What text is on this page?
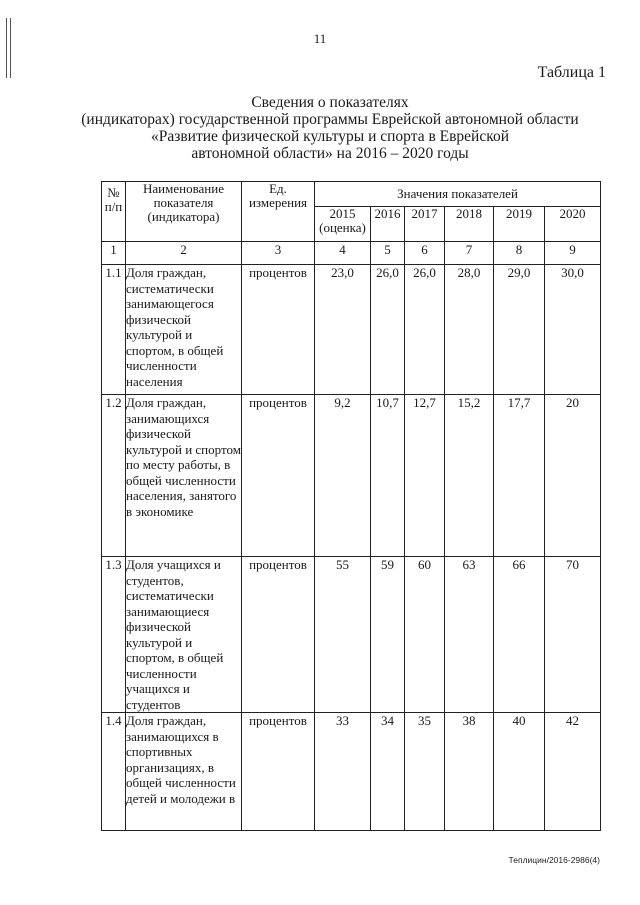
11
Таблица 1
Сведения о показателях
(индикаторах) государственной программы Еврейской автономной области
«Развитие физической культуры и спорта в Еврейской
автономной области» на 2016 – 2020 годы
№ п/п	Наименование показателя (индикатора)	Ед. измерения	Значения показателей					
			2015 (оценка)	2016	2017	2018	2019	2020
1	2	3	4	5	6	7	8	9
1.1	Доля граждан, систематически занимающегося физической культурой и спортом, в общей численности населения	процентов	23,0	26,0	26,0	28,0	29,0	30,0
1.2	Доля граждан, занимающихся физической культурой и спортом по месту работы, в общей численности населения, занятого в экономике	процентов	9,2	10,7	12,7	15,2	17,7	20
1.3	Доля учащихся и студентов, систематически занимающиеся физической культурой и спортом, в общей численности учащихся и студентов	процентов	55	59	60	63	66	70
1.4	Доля граждан, занимающихся в спортивных организациях, в общей численности детей и молодежи в	процентов	33	34	35	38	40	42
Теплицин/2016-2986(4)
